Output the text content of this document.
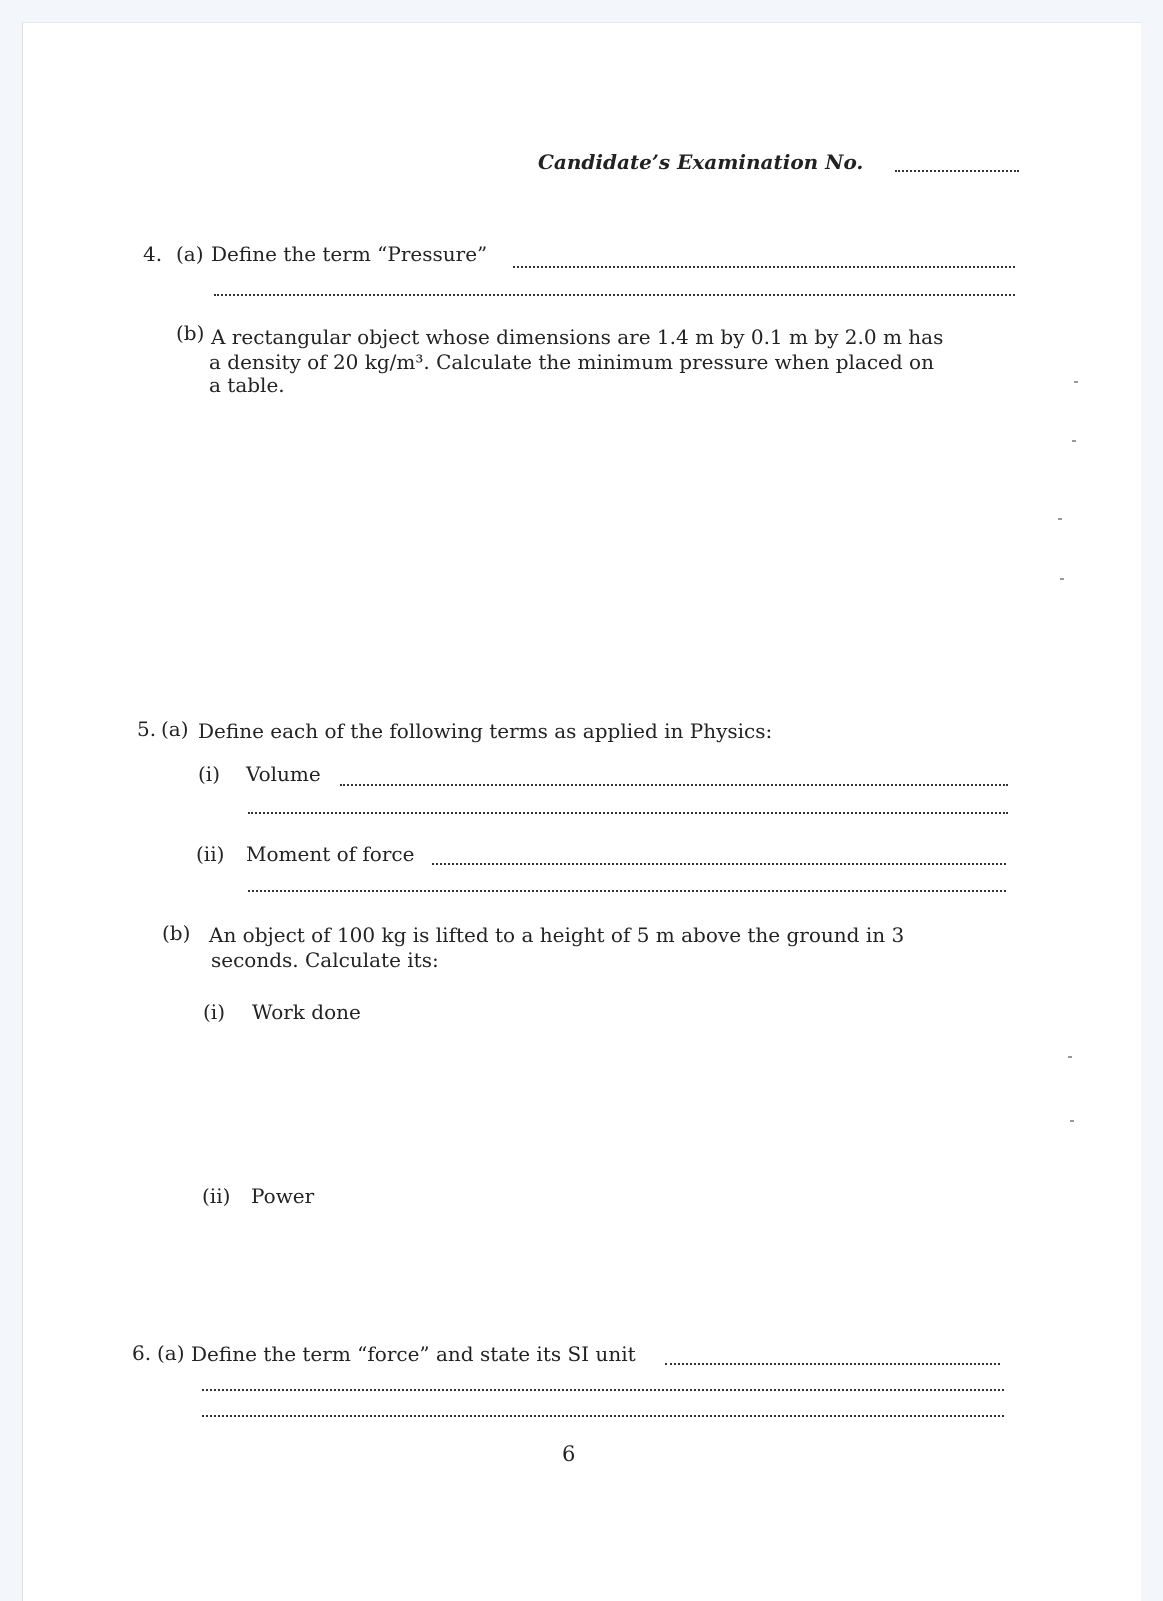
Candidate’s Examination No.
4. (a) Define the term “Pressure”
(b) A rectangular object whose dimensions are 1.4 m by 0.1 m by 2.0 m has
a density of 20 kg/m³. Calculate the minimum pressure when placed on
a table.
5. (a) Define each of the following terms as applied in Physics:
(i) Volume
(ii) Moment of force
(b) An object of 100 kg is lifted to a height of 5 m above the ground in 3
seconds. Calculate its:
(i) Work done
(ii) Power
6. (a) Define the term “force” and state its SI unit
6
